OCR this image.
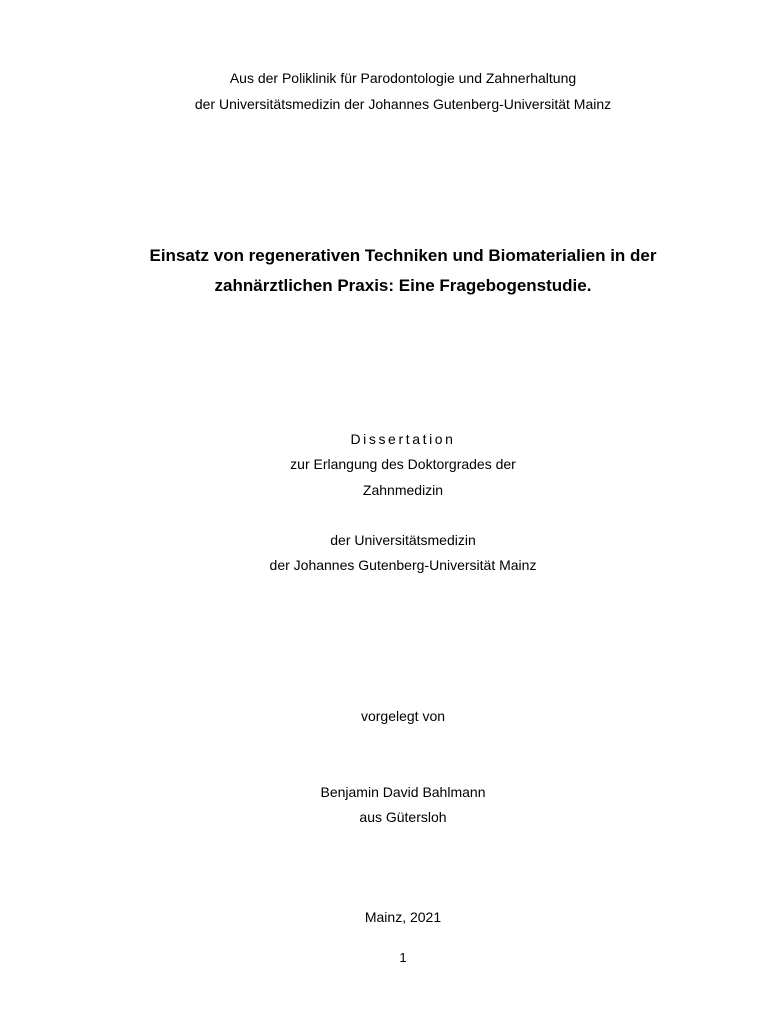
Aus der Poliklinik für Parodontologie und Zahnerhaltung
der Universitätsmedizin der Johannes Gutenberg-Universität Mainz
Einsatz von regenerativen Techniken und Biomaterialien in der
zahnärztlichen Praxis: Eine Fragebogenstudie.
Dissertation
zur Erlangung des Doktorgrades der
Zahnmedizin
der Universitätsmedizin
der Johannes Gutenberg-Universität Mainz
vorgelegt von
Benjamin David Bahlmann
aus Gütersloh
Mainz, 2021
1
